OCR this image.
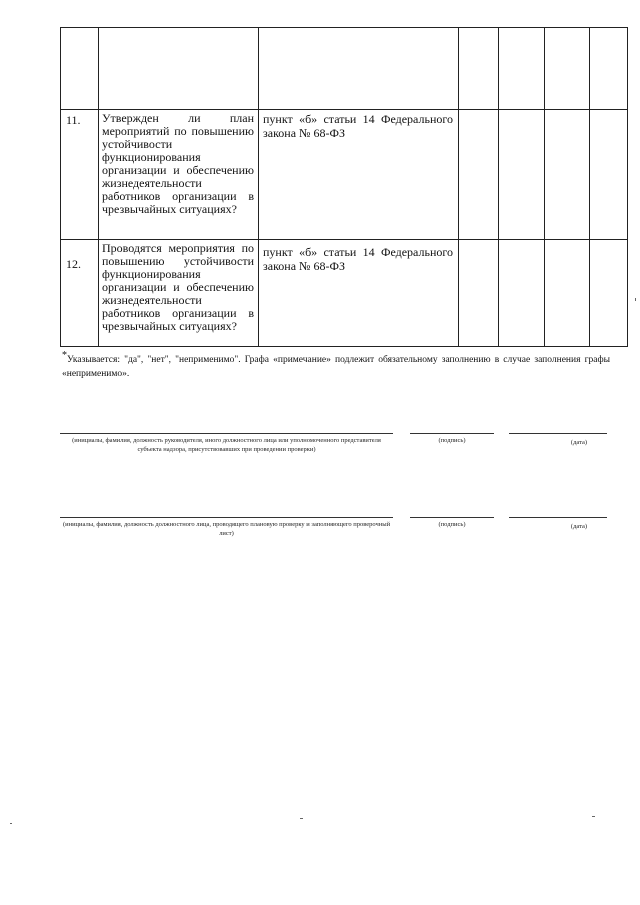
11. Утвержден ли план мероприятий по повышению устойчивости функционирования организации и обеспечению жизнедеятельности работников организации в чрезвычайных ситуациях?
пункт «б» статьи 14 Федерального закона № 68-ФЗ
12.
Проводятся мероприятия по повышению устойчивости функционирования организации и обеспечению жизнедеятельности работников организации в чрезвычайных ситуациях?
пункт «б» статьи 14 Федерального закона № 68-ФЗ
*Указывается: "да", "нет", "неприменимо". Графа «примечание» подлежит обязательному заполнению в случае заполнения графы «неприменимо».
(инициалы, фамилия, должность руководителя, иного должностного лица или уполномоченного представителя субъекта надзора, присутствовавших при проведении проверки)
(подпись)	(дата)
(инициалы, фамилия, должность должностного лица, проводящего плановую проверку и заполняющего проверочный лист)
(подпись)	(дата)
